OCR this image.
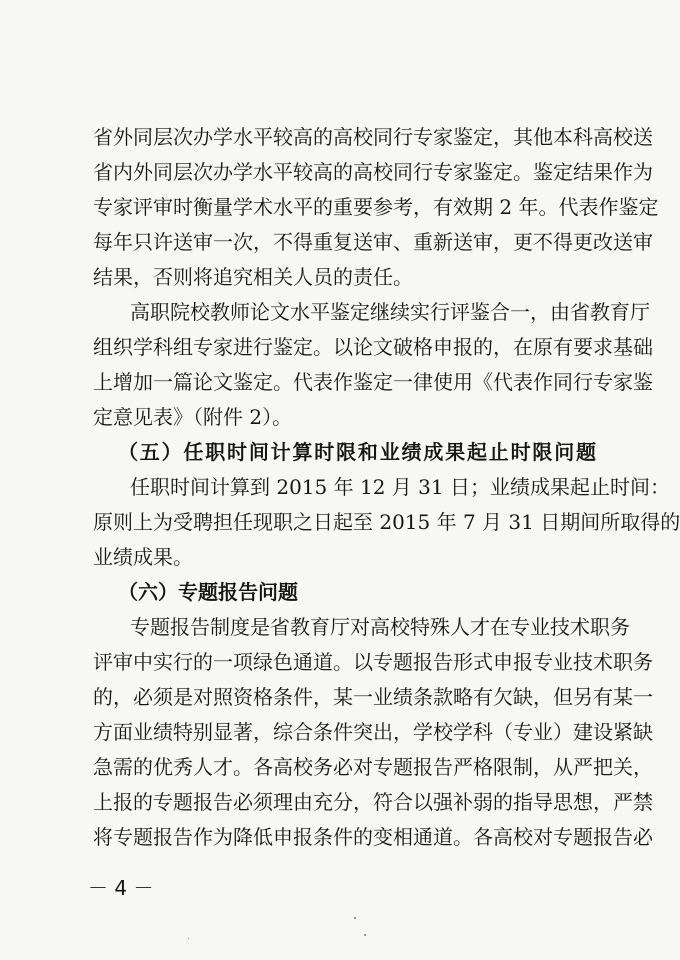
省外同层次办学水平较高的高校同行专家鉴定，其他本科高校送
省内外同层次办学水平较高的高校同行专家鉴定。鉴定结果作为
专家评审时衡量学术水平的重要参考，有效期 2 年。代表作鉴定
每年只许送审一次，不得重复送审、重新送审，更不得更改送审
结果，否则将追究相关人员的责任。
高职院校教师论文水平鉴定继续实行评鉴合一，由省教育厅
组织学科组专家进行鉴定。以论文破格申报的，在原有要求基础
上增加一篇论文鉴定。代表作鉴定一律使用《代表作同行专家鉴
定意见表》（附件 2）。
（五）任职时间计算时限和业绩成果起止时限问题
任职时间计算到 2015 年 12 月 31 日；业绩成果起止时间：
原则上为受聘担任现职之日起至 2015 年 7 月 31 日期间所取得的
业绩成果。
（六）专题报告问题
专题报告制度是省教育厅对高校特殊人才在专业技术职务
评审中实行的一项绿色通道。以专题报告形式申报专业技术职务
的，必须是对照资格条件，某一业绩条款略有欠缺，但另有某一
方面业绩特别显著，综合条件突出，学校学科（专业）建设紧缺
急需的优秀人才。各高校务必对专题报告严格限制，从严把关，
上报的专题报告必须理由充分，符合以强补弱的指导思想，严禁
将专题报告作为降低申报条件的变相通道。各高校对专题报告必
－ 4 －
